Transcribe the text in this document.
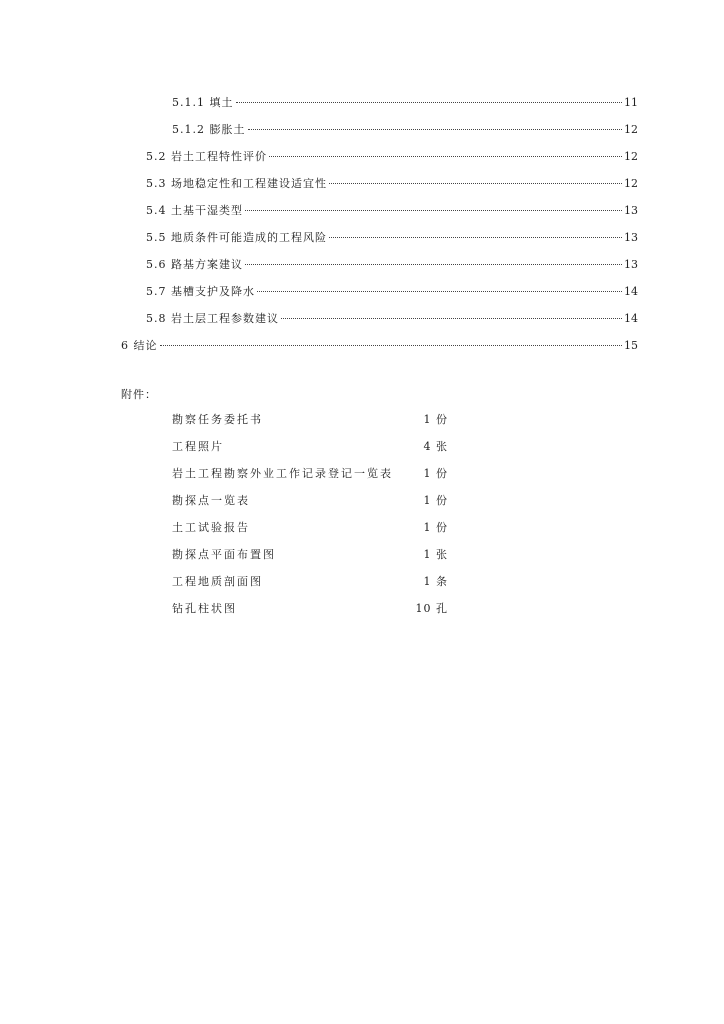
5.1.1 填土	11
5.1.2 膨胀土	12
5.2 岩土工程特性评价	12
5.3 场地稳定性和工程建设适宜性	12
5.4 土基干湿类型	13
5.5 地质条件可能造成的工程风险	13
5.6 路基方案建议	13
5.7 基槽支护及降水	14
5.8 岩土层工程参数建议	14
6 结论	15
附件：
勘察任务委托书	1 份
工程照片	4 张
岩土工程勘察外业工作记录登记一览表	1 份
勘探点一览表	1 份
土工试验报告	1 份
勘探点平面布置图	1 张
工程地质剖面图	1 条
钻孔柱状图	10 孔
